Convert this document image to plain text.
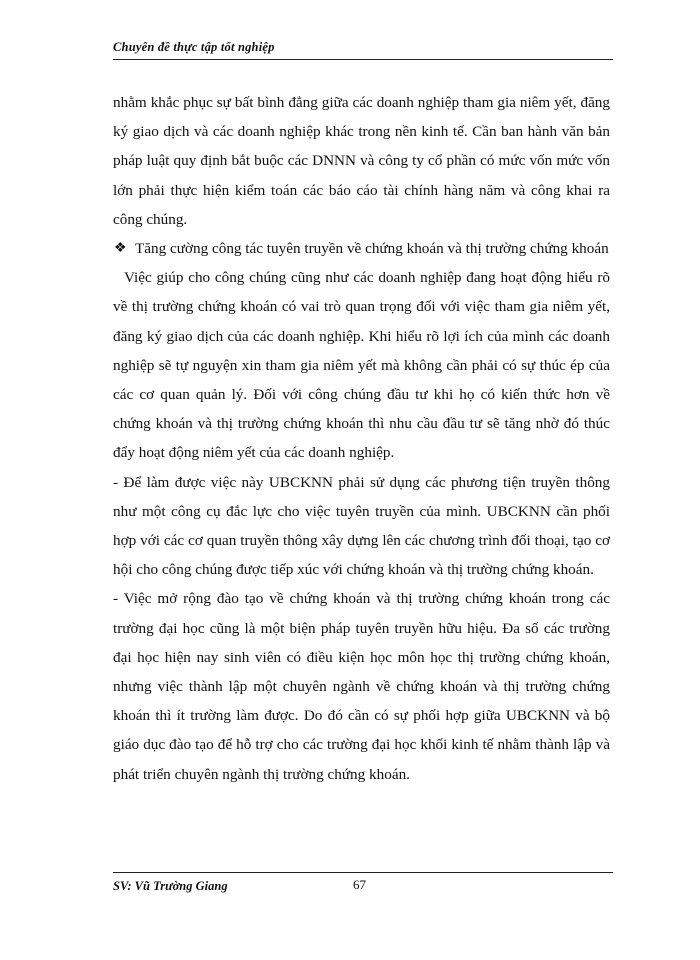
Chuyên đề thực tập tốt nghiệp

nhằm khắc phục sự bất bình đẳng giữa các doanh nghiệp tham gia niêm yết, đăng ký giao dịch và các doanh nghiệp khác trong nền kinh tế. Cần ban hành văn bản pháp luật quy định bắt buộc các DNNN và công ty cổ phần có mức vốn mức vốn lớn phải thực hiện kiểm toán các báo cáo tài chính hàng năm và công khai ra công chúng.

❖ Tăng cường công tác tuyên truyền về chứng khoán và thị trường chứng khoán

Việc giúp cho công chúng cũng như các doanh nghiệp đang hoạt động hiểu rõ về thị trường chứng khoán có vai trò quan trọng đối với việc tham gia niêm yết, đăng ký giao dịch của các doanh nghiệp. Khi hiểu rõ lợi ích của mình các doanh nghiệp sẽ tự nguyện xin tham gia niêm yết mà không cần phải có sự thúc ép của các cơ quan quản lý. Đối với công chúng đầu tư khi họ có kiến thức hơn về chứng khoán và thị trường chứng khoán thì nhu cầu đầu tư sẽ tăng nhờ đó thúc đẩy hoạt động niêm yết của các doanh nghiệp.

- Để làm được việc này UBCKNN phải sử dụng các phương tiện truyền thông như một công cụ đắc lực cho việc tuyên truyền của mình. UBCKNN cần phối hợp với các cơ quan truyền thông xây dựng lên các chương trình đối thoại, tạo cơ hội cho công chúng được tiếp xúc với chứng khoán và thị trường chứng khoán.

- Việc mở rộng đào tạo về chứng khoán và thị trường chứng khoán trong các trường đại học cũng là một biện pháp tuyên truyền hữu hiệu. Đa số các trường đại học hiện nay sinh viên có điều kiện học môn học thị trường chứng khoán, nhưng việc thành lập một chuyên ngành về chứng khoán và thị trường chứng khoán thì ít trường làm được. Do đó cần có sự phối hợp giữa UBCKNN và bộ giáo dục đào tạo để hỗ trợ cho các trường đại học khối kinh tế nhằm thành lập và phát triển chuyên ngành thị trường chứng khoán.

SV: Vũ Trường Giang	67
